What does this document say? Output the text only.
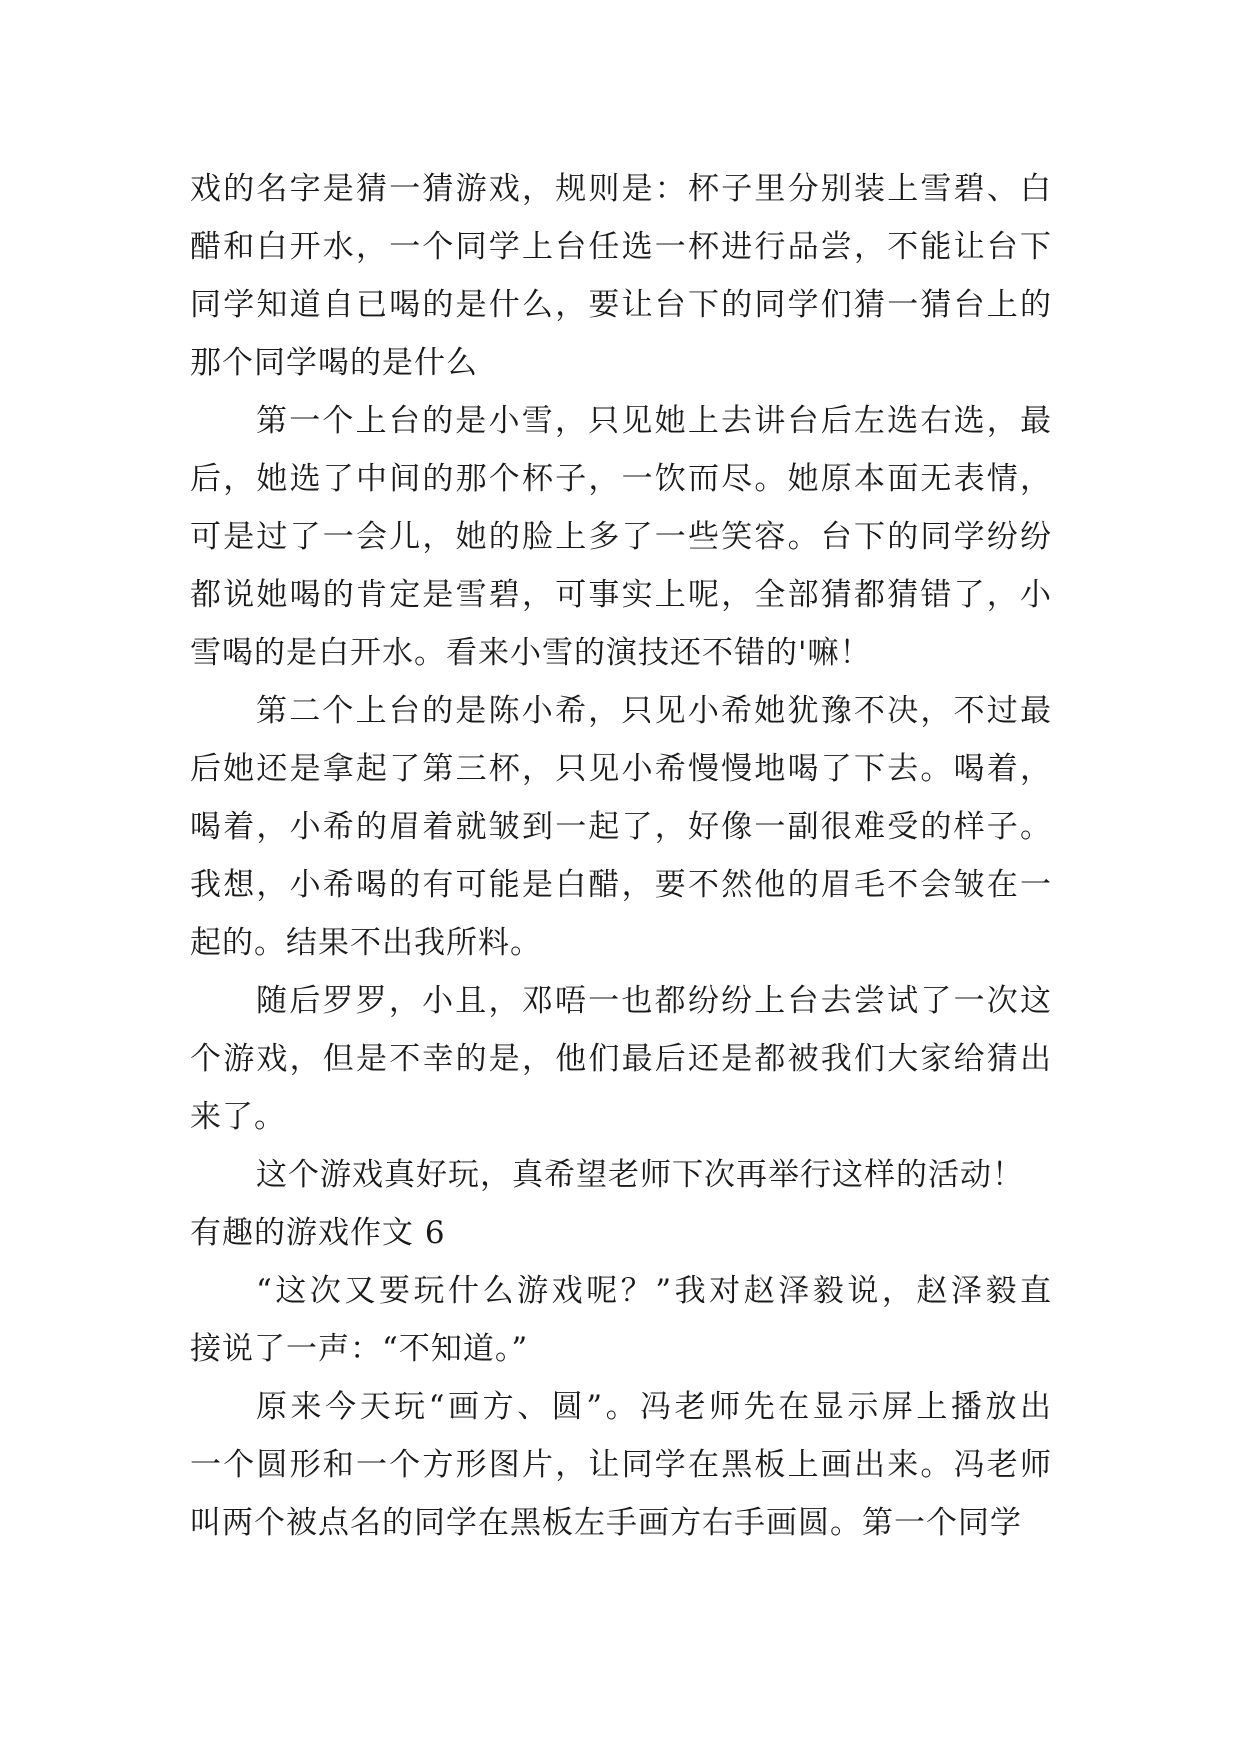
戏的名字是猜一猜游戏，规则是：杯子里分别装上雪碧、白
醋和白开水，一个同学上台任选一杯进行品尝，不能让台下
同学知道自已喝的是什么，要让台下的同学们猜一猜台上的
那个同学喝的是什么
第一个上台的是小雪，只见她上去讲台后左选右选，最
后，她选了中间的那个杯子，一饮而尽。她原本面无表情，
可是过了一会儿，她的脸上多了一些笑容。台下的同学纷纷
都说她喝的肯定是雪碧，可事实上呢，全部猜都猜错了，小
雪喝的是白开水。看来小雪的演技还不错的'嘛！
第二个上台的是陈小希，只见小希她犹豫不决，不过最
后她还是拿起了第三杯，只见小希慢慢地喝了下去。喝着，
喝着，小希的眉着就皱到一起了，好像一副很难受的样子。
我想，小希喝的有可能是白醋，要不然他的眉毛不会皱在一
起的。结果不出我所料。
随后罗罗，小且，邓唔一也都纷纷上台去尝试了一次这
个游戏，但是不幸的是，他们最后还是都被我们大家给猜出
来了。
这个游戏真好玩，真希望老师下次再举行这样的活动！
有趣的游戏作文 6
“这次又要玩什么游戏呢？”我对赵泽毅说，赵泽毅直
接说了一声：“不知道。”
原来今天玩“画方、圆”。冯老师先在显示屏上播放出
一个圆形和一个方形图片，让同学在黑板上画出来。冯老师
叫两个被点名的同学在黑板左手画方右手画圆。第一个同学
